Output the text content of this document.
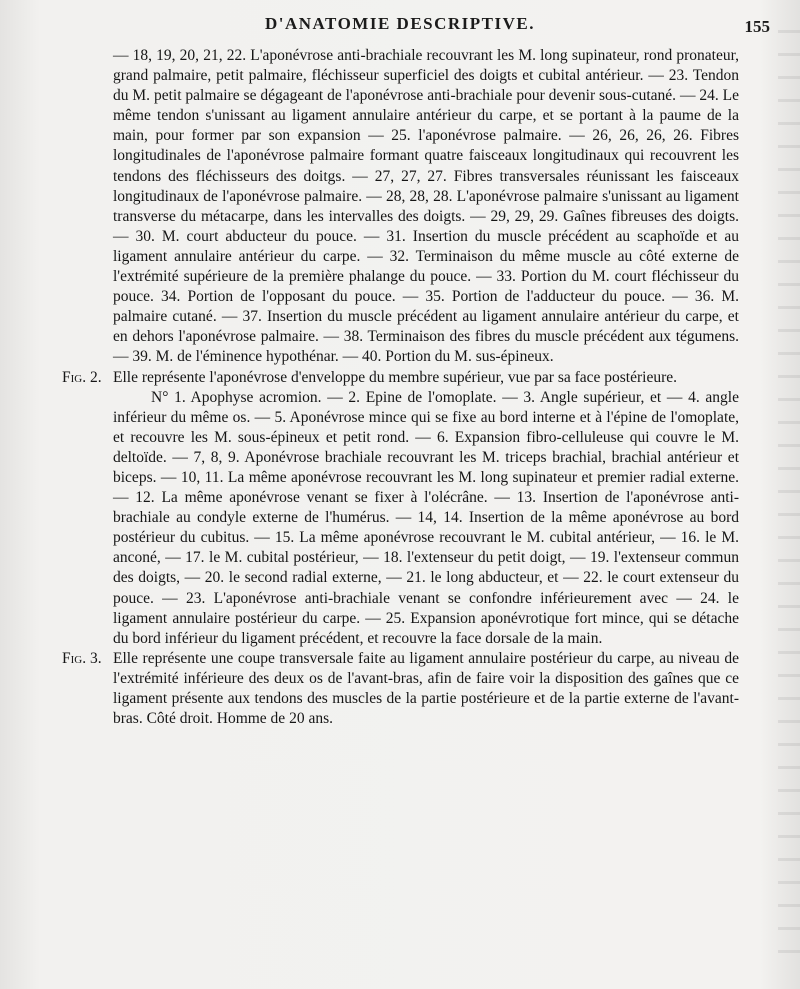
D'ANATOMIE DESCRIPTIVE.	155

— 18, 19, 20, 21, 22. L'aponévrose anti-brachiale recouvrant les M. long supinateur, rond pronateur, grand palmaire, petit palmaire, fléchisseur superficiel des doigts et cubital antérieur. — 23. Tendon du M. petit palmaire se dégageant de l'aponévrose anti-brachiale pour devenir sous-cutané. — 24. Le même tendon s'unissant au ligament annulaire antérieur du carpe, et se portant à la paume de la main, pour former par son expansion — 25. l'aponévrose palmaire. — 26, 26, 26, 26. Fibres longitudinales de l'aponévrose palmaire formant quatre faisceaux longitudinaux qui recouvrent les tendons des fléchisseurs des doitgs. — 27, 27, 27. Fibres transversales réunissant les faisceaux longitudinaux de l'aponévrose palmaire. — 28, 28, 28. L'aponévrose palmaire s'unissant au ligament transverse du métacarpe, dans les intervalles des doigts. — 29, 29, 29. Gaînes fibreuses des doigts. — 30. M. court abducteur du pouce. — 31. Insertion du muscle précédent au scaphoïde et au ligament annulaire antérieur du carpe. — 32. Terminaison du même muscle au côté externe de l'extrémité supérieure de la première phalange du pouce. — 33. Portion du M. court fléchisseur du pouce. 34. Portion de l'opposant du pouce. — 35. Portion de l'adducteur du pouce. — 36. M. palmaire cutané. — 37. Insertion du muscle précédent au ligament annulaire antérieur du carpe, et en dehors l'aponévrose palmaire. — 38. Terminaison des fibres du muscle précédent aux tégumens. — 39. M. de l'éminence hypothénar. — 40. Portion du M. sus-épineux.

Fig. 2. Elle représente l'aponévrose d'enveloppe du membre supérieur, vue par sa face postérieure.

N° 1. Apophyse acromion. — 2. Epine de l'omoplate. — 3. Angle supérieur, et — 4. angle inférieur du même os. — 5. Aponévrose mince qui se fixe au bord interne et à l'épine de l'omoplate, et recouvre les M. sous-épineux et petit rond. — 6. Expansion fibro-celluleuse qui couvre le M. deltoïde. — 7, 8, 9. Aponévrose brachiale recouvrant les M. triceps brachial, brachial antérieur et biceps. — 10, 11. La même aponévrose recouvrant les M. long supinateur et premier radial externe. — 12. La même aponévrose venant se fixer à l'olécrâne. — 13. Insertion de l'aponévrose anti-brachiale au condyle externe de l'humérus. — 14, 14. Insertion de la même aponévrose au bord postérieur du cubitus. — 15. La même aponévrose recouvrant le M. cubital antérieur, — 16. le M. anconé, — 17. le M. cubital postérieur, — 18. l'extenseur du petit doigt, — 19. l'extenseur commun des doigts, — 20. le second radial externe, — 21. le long abducteur, et — 22. le court extenseur du pouce. — 23. L'aponévrose anti-brachiale venant se confondre inférieurement avec — 24. le ligament annulaire postérieur du carpe. — 25. Expansion aponévrotique fort mince, qui se détache du bord inférieur du ligament précédent, et recouvre la face dorsale de la main.

Fig. 3. Elle représente une coupe transversale faite au ligament annulaire postérieur du carpe, au niveau de l'extrémité inférieure des deux os de l'avant-bras, afin de faire voir la disposition des gaînes que ce ligament présente aux tendons des muscles de la partie postérieure et de la partie externe de l'avant-bras. Côté droit. Homme de 20 ans.
